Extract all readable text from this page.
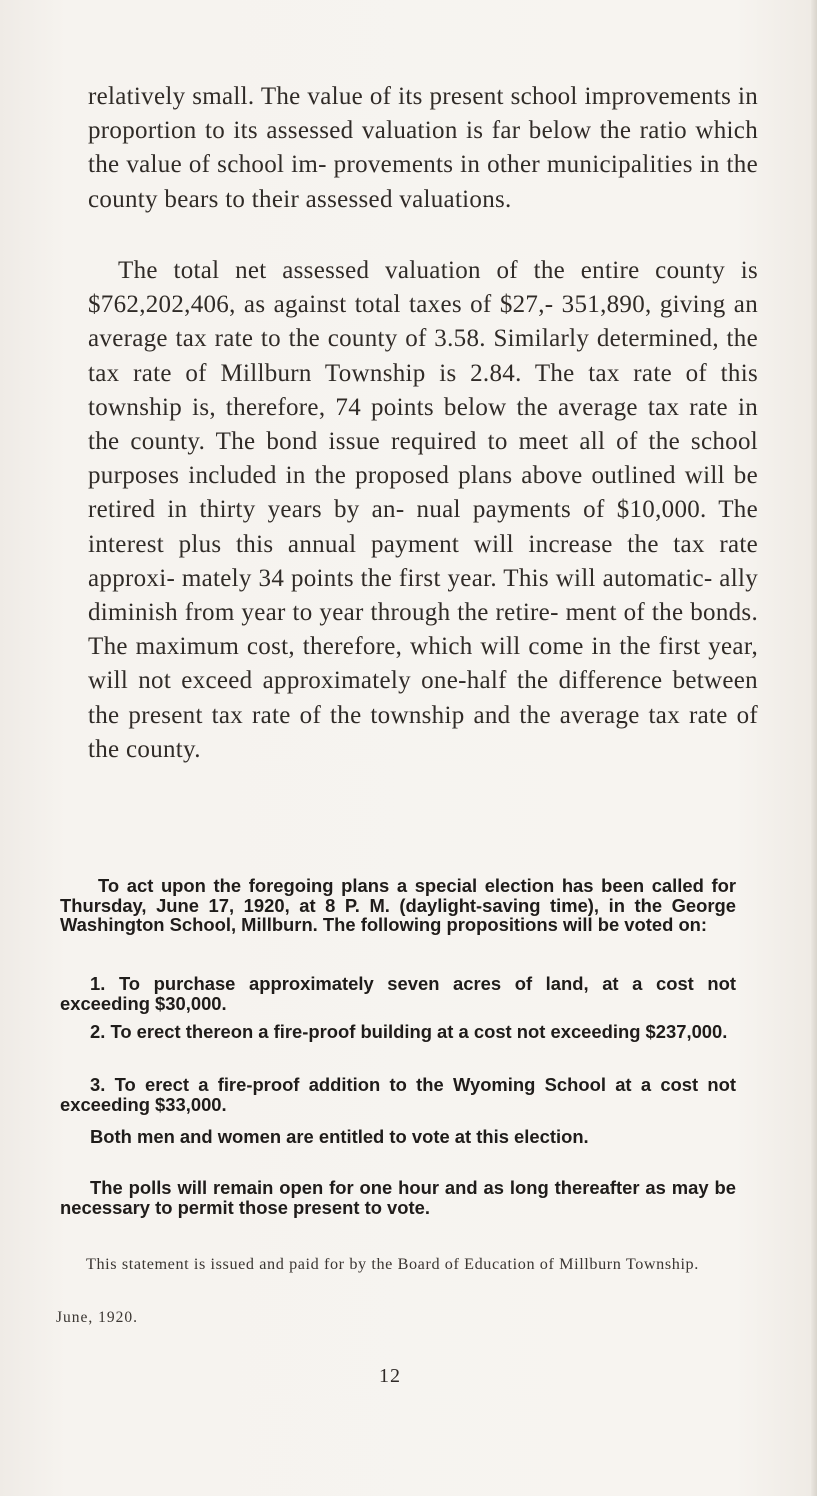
relatively small. The value of its present school improvements in proportion to its assessed valuation is far below the ratio which the value of school im- provements in other municipalities in the county bears to their assessed valuations.

The total net assessed valuation of the entire county is $762,202,406, as against total taxes of $27,- 351,890, giving an average tax rate to the county of 3.58. Similarly determined, the tax rate of Millburn Township is 2.84. The tax rate of this township is, therefore, 74 points below the average tax rate in the county. The bond issue required to meet all of the school purposes included in the proposed plans above outlined will be retired in thirty years by an- nual payments of $10,000. The interest plus this annual payment will increase the tax rate approxi- mately 34 points the first year. This will automatic- ally diminish from year to year through the retire- ment of the bonds. The maximum cost, therefore, which will come in the first year, will not exceed approximately one-half the difference between the present tax rate of the township and the average tax rate of the county.

To act upon the foregoing plans a special election has been called for Thursday, June 17, 1920, at 8 P. M. (daylight-saving time), in the George Washington School, Millburn. The following propositions will be voted on:

1. To purchase approximately seven acres of land, at a cost not exceeding $30,000.

2. To erect thereon a fire-proof building at a cost not exceeding $237,000.

3. To erect a fire-proof addition to the Wyoming School at a cost not exceeding $33,000.

Both men and women are entitled to vote at this election.

The polls will remain open for one hour and as long thereafter as may be necessary to permit those present to vote.

This statement is issued and paid for by the Board of Education of Millburn Township.

June, 1920.
12
